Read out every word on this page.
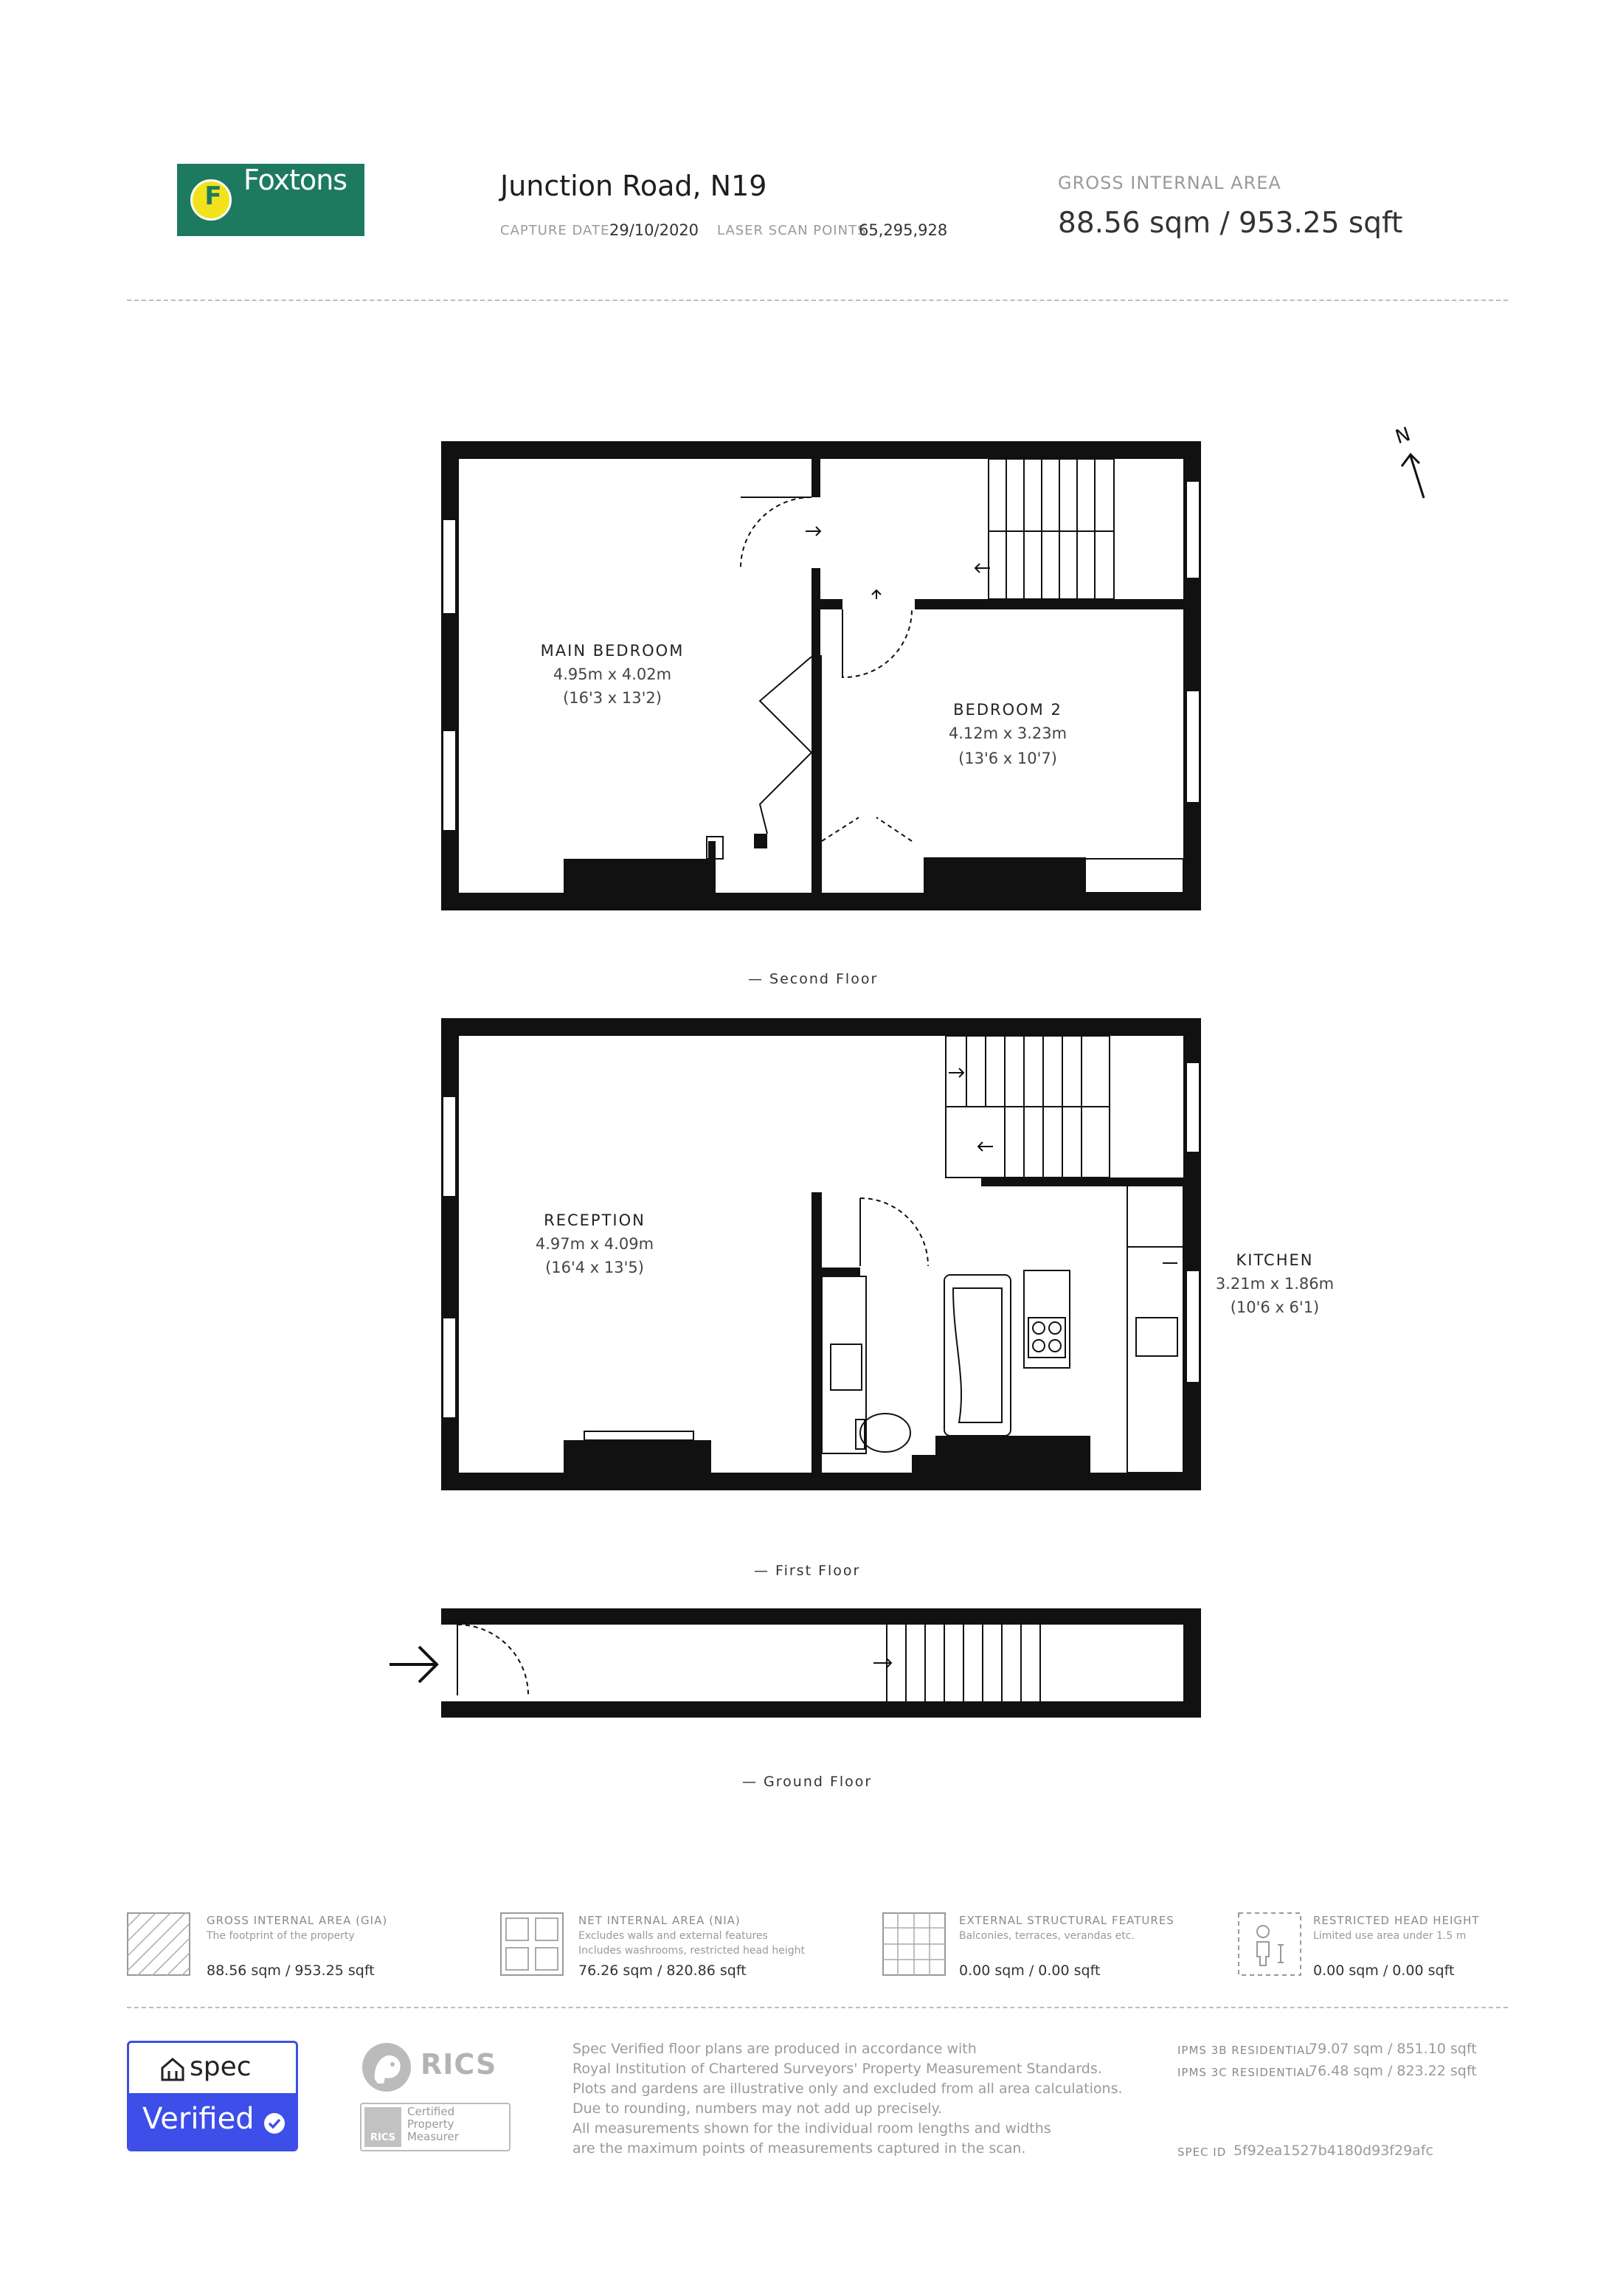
F Foxtons	Junction Road, N19
CAPTURE DATE 29/10/2020 LASER SCAN POINTS
65,295,928
GROSS INTERNAL AREA
88.56 sqm / 953.25 sqft
N
MAIN BEDROOM
4.95m x 4.02m
(16'3 x 13'2)
BEDROOM 2
4.12m x 3.23m
(13'6 x 10'7)
— Second Floor
RECEPTION
4.97m x 4.09m
(16'4 x 13'5)	KITCHEN
3.21m x 1.86m
(10'6 x 6'1)
— First Floor
— Ground Floor
GROSS INTERNAL AREA (GIA)
The footprint of the property
88.56 sqm / 953.25 sqft
NET INTERNAL AREA (NIA)
Excludes walls and external features
Includes washrooms, restricted head height
76.26 sqm / 820.86 sqft
EXTERNAL STRUCTURAL FEATURES
Balconies, terraces, verandas etc.
0.00 sqm / 0.00 sqft
RESTRICTED HEAD HEIGHT
Limited use area under 1.5 m
0.00 sqm / 0.00 sqft
spec
Verified
RICS
RICS
Certified
Property
Measurer
Spec Verified floor plans are produced in accordance with
Royal Institution of Chartered Surveyors' Property Measurement Standards.
Plots and gardens are illustrative only and excluded from all area calculations.
Due to rounding, numbers may not add up precisely.
All measurements shown for the individual room lengths and widths
are the maximum points of measurements captured in the scan.
IPMS 3B RESIDENTIAL
79.07 sqm / 851.10 sqft
IPMS 3C RESIDENTIAL
76.48 sqm / 823.22 sqft
SPEC ID 5f92ea1527b4180d93f29afc
